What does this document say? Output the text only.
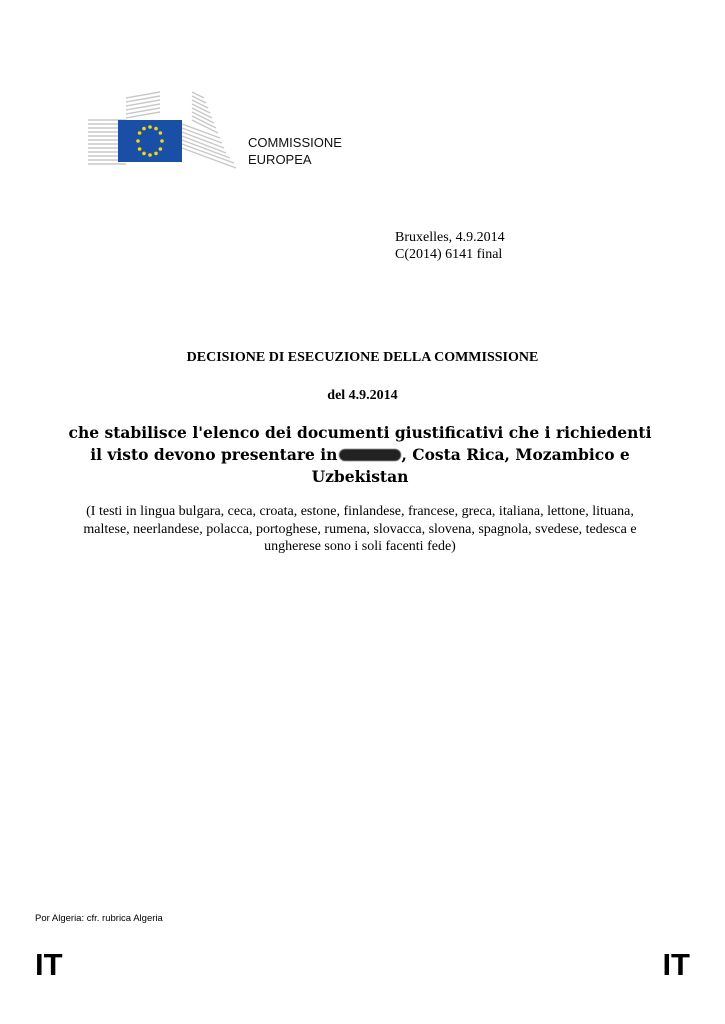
COMMISSIONE
EUROPEA
Bruxelles, 4.9.2014
C(2014) 6141 final
DECISIONE DI ESECUZIONE DELLA COMMISSIONE
del 4.9.2014
che stabilisce l'elenco dei documenti giustificativi che i richiedenti il visto devono presentare in	, Costa Rica, Mozambico e Uzbekistan
(I testi in lingua bulgara, ceca, croata, estone, finlandese, francese, greca, italiana, lettone, lituana, maltese, neerlandese, polacca, portoghese, rumena, slovacca, slovena, spagnola, svedese, tedesca e ungherese sono i soli facenti fede)
Por Algeria: cfr. rubrica Algeria
IT	IT
